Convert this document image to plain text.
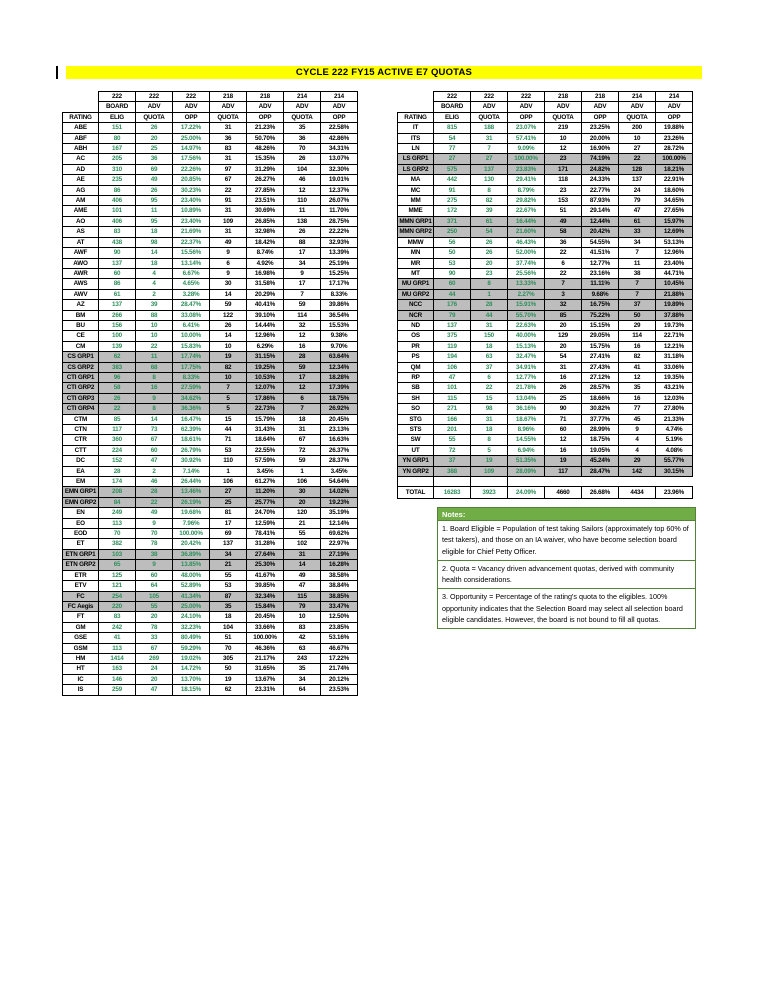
CYCLE 222 FY15 ACTIVE E7 QUOTAS
	222	222	222	218	218	214	214
	BOARD	ADV	ADV	ADV	ADV	ADV	ADV
RATING	ELIG	QUOTA	OPP	QUOTA	OPP	QUOTA	OPP
ABE	151	26	17.22%	31	21.23%	35	22.58%
ABF	80	20	25.00%	36	50.70%	36	42.86%
ABH	167	25	14.97%	83	48.26%	70	34.31%
AC	205	36	17.56%	31	15.35%	26	13.07%
AD	310	69	22.26%	97	31.29%	104	32.30%
AE	235	49	20.85%	67	26.27%	46	19.01%
AG	86	26	30.23%	22	27.85%	12	12.37%
AM	406	95	23.40%	91	23.51%	110	26.07%
AME	101	11	10.89%	31	30.69%	11	11.70%
AO	406	95	23.40%	109	26.85%	138	28.75%
AS	83	18	21.69%	31	32.98%	26	22.22%
AT	438	98	22.37%	49	18.42%	88	32.93%
AWF	90	14	15.56%	9	8.74%	17	13.39%
AWO	137	18	13.14%	6	4.92%	34	25.19%
AWR	60	4	6.67%	9	16.98%	9	15.25%
AWS	86	4	4.65%	30	31.58%	17	17.17%
AWV	61	2	3.28%	14	20.29%	7	8.33%
AZ	137	39	28.47%	59	40.41%	59	39.86%
BM	266	88	33.08%	122	39.10%	114	36.54%
BU	156	10	6.41%	26	14.44%	32	15.53%
CE	100	10	10.00%	14	12.96%	12	9.38%
CM	139	22	15.83%	10	6.29%	16	9.70%
CS GRP1	62	11	17.74%	19	31.15%	28	63.64%
CS GRP2	383	68	17.75%	82	19.25%	59	12.34%
CTI GRP1	96	8	8.33%	10	10.53%	17	18.28%
CTI GRP2	58	16	27.59%	7	12.07%	12	17.39%
CTI GRP3	26	9	34.62%	5	17.86%	6	18.75%
CTI GRP4	22	8	36.36%	5	22.73%	7	26.92%
CTM	85	14	16.47%	15	15.79%	18	20.45%
CTN	117	73	62.39%	44	31.43%	31	23.13%
CTR	360	67	18.61%	71	18.64%	67	16.63%
CTT	224	60	26.79%	53	22.55%	72	26.37%
DC	152	47	30.92%	110	57.59%	59	28.37%
EA	28	2	7.14%	1	3.45%	1	3.45%
EM	174	46	26.44%	106	61.27%	106	54.64%
EMN GRP1	208	28	13.46%	27	11.20%	30	14.02%
EMN GRP2	84	22	26.19%	25	25.77%	20	19.23%
EN	249	49	19.68%	81	24.70%	120	35.19%
EO	113	9	7.96%	17	12.59%	21	12.14%
EOD	70	70	100.00%	69	78.41%	55	69.62%
ET	382	78	20.42%	137	31.28%	102	22.97%
ETN GRP1	103	38	36.89%	34	27.64%	31	27.19%
ETN GRP2	65	9	13.85%	21	25.30%	14	16.28%
ETR	125	60	48.00%	55	41.67%	49	38.58%
ETV	121	64	52.89%	53	39.85%	47	38.84%
FC	254	105	41.34%	87	32.34%	115	38.85%
FC Aegis	220	55	25.00%	35	15.84%	79	33.47%
FT	83	20	24.10%	18	20.45%	10	12.50%
GM	242	78	32.23%	104	33.66%	83	23.85%
GSE	41	33	80.49%	51	100.00%	42	53.16%
GSM	113	67	59.29%	70	46.36%	63	46.67%
HM	1414	269	19.02%	305	21.17%	243	17.22%
HT	163	24	14.72%	50	31.65%	35	21.74%
IC	146	20	13.70%	19	13.67%	34	20.12%
IS	259	47	18.15%	62	23.31%	64	23.53%
	222	222	222	218	218	214	214
	BOARD	ADV	ADV	ADV	ADV	ADV	ADV
RATING	ELIG	QUOTA	OPP	QUOTA	OPP	QUOTA	OPP
IT	815	188	23.07%	219	23.25%	200	19.88%
ITS	54	31	57.41%	10	20.00%	10	23.26%
LN	77	7	9.09%	12	16.90%	27	28.72%
LS GRP1	27	27	100.00%	23	74.19%	22	100.00%
LS GRP2	575	137	23.83%	171	24.82%	128	18.21%
MA	442	130	29.41%	118	24.33%	137	22.91%
MC	91	8	8.79%	23	22.77%	24	18.60%
MM	275	82	29.82%	153	87.93%	79	34.65%
MME	172	39	22.67%	51	29.14%	47	27.65%
MMN GRP1	371	61	16.44%	49	12.44%	61	15.97%
MMN GRP2	250	54	21.60%	58	20.42%	33	12.69%
MMW	56	26	46.43%	36	54.55%	34	53.13%
MN	50	26	52.00%	22	41.51%	7	12.96%
MR	53	20	37.74%	6	12.77%	11	23.40%
MT	90	23	25.56%	22	23.16%	38	44.71%
MU GRP1	60	8	13.33%	7	11.11%	7	10.45%
MU GRP2	44	1	2.27%	3	9.68%	7	21.88%
NCC	176	28	15.91%	32	16.75%	37	19.89%
NCR	79	44	55.70%	85	75.22%	50	37.88%
ND	137	31	22.63%	20	15.15%	29	19.73%
OS	375	150	40.00%	129	29.05%	114	22.71%
PR	119	18	15.13%	20	15.75%	16	12.21%
PS	194	63	32.47%	54	27.41%	82	31.18%
QM	106	37	34.91%	31	27.43%	41	33.06%
RP	47	6	12.77%	16	27.12%	12	19.35%
SB	101	22	21.78%	26	28.57%	35	43.21%
SH	115	15	13.04%	25	18.66%	16	12.03%
SO	271	98	36.16%	90	30.82%	77	27.80%
STG	166	31	18.67%	71	37.77%	45	21.33%
STS	201	18	8.96%	60	28.99%	9	4.74%
SW	55	8	14.55%	12	18.75%	4	5.19%
UT	72	5	6.94%	16	19.05%	4	4.08%
YN GRP1	37	19	51.35%	19	45.24%	29	55.77%
YN GRP2	388	109	28.09%	117	28.47%	142	30.15%

TOTAL	16283	3923	24.09%	4660	26.68%	4434	23.96%
Notes:
1. Board Eligible = Population of test taking Sailors (approximately top 60% of test takers), and those on an IA waiver, who have become selection board eligible for Chief Petty Officer.
2. Quota = Vacancy driven advancement quotas, derived with community health considerations.
3. Opportunity = Percentage of the rating's quota to the eligibles. 100% opportunity indicates that the Selection Board may select all selection board eligible candidates. However, the board is not bound to fill all quotas.
